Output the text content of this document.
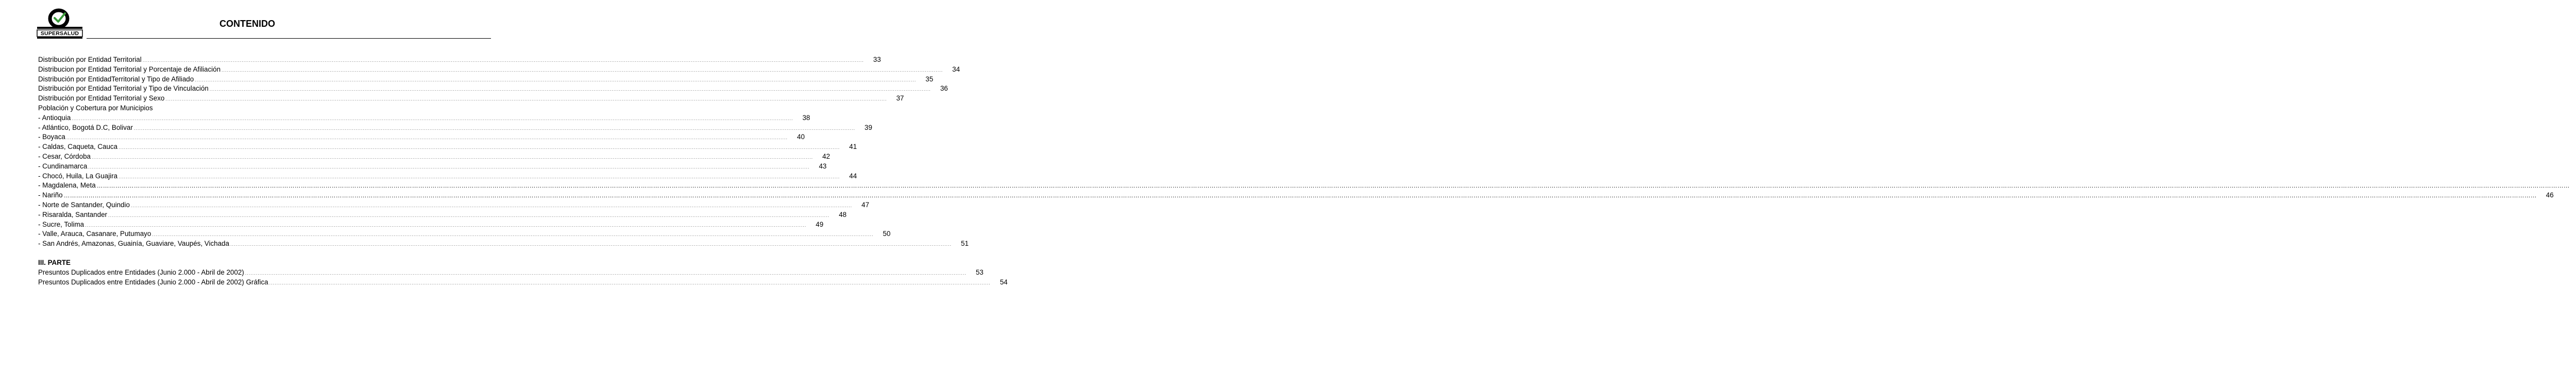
SUPERSALUD
CONTENIDO
Distribución por Entidad Territorial ................................................................................................................................................................................................................................................................................................................................................................................................................ 33
Distribucion por Entidad Territorial y Porcentaje de Afiliación ................................................................................................................................................................................................................................................................................................................................................................................................................ 34
Distribución por EntidadTerritorial y Tipo de Afiliado ................................................................................................................................................................................................................................................................................................................................................................................................................ 35
Distribución por Entidad Territorial y Tipo de Vinculación ................................................................................................................................................................................................................................................................................................................................................................................................................ 36
Distribución por Entidad Territorial y Sexo ................................................................................................................................................................................................................................................................................................................................................................................................................ 37
Población y Cobertura por Municipios
- Antioquia ................................................................................................................................................................................................................................................................................................................................................................................................................ 38
- Atlántico, Bogotá D.C, Bolivar ................................................................................................................................................................................................................................................................................................................................................................................................................ 39
- Boyaca ................................................................................................................................................................................................................................................................................................................................................................................................................ 40
- Caldas, Caqueta, Cauca ................................................................................................................................................................................................................................................................................................................................................................................................................ 41
- Cesar, Córdoba ................................................................................................................................................................................................................................................................................................................................................................................................................ 42
- Cundinamarca ................................................................................................................................................................................................................................................................................................................................................................................................................ 43
- Chocó, Huila, La Guajira ................................................................................................................................................................................................................................................................................................................................................................................................................ 44
- Magdalena, Meta …………………………………………………………………………………………………………………………………………………………………………………………………………………………………………………………………………………………………………………………………………………………………………………………………………………………………………………………………………………………………………………………………………………………………………………………………………………………………………………………………………………………………………………………………………………………………………………………………………………………………………………………………………………………………………………………………………………………………………………………………………………………………………………………………………………………………………
- Nariño ………………………………………………………………………………………………………………………………………………………………………………………………………………………………………………………………………………………………………………………………………………………………………………………………………………………………………………………………………………………………………………………………………………………………………………………………………………………………………………………………………………………………………………………………………………………………………………………………………………………………………………………………………………………………………………………………………………………………………………………………………………………………………………………………………………………………………… 46
- Norte de Santander, Quindio ................................................................................................................................................................................................................................................................................................................................................................................................................ 47
- Risaralda, Santander ................................................................................................................................................................................................................................................................................................................................................................................................................ 48
- Sucre, Tolima ................................................................................................................................................................................................................................................................................................................................................................................................................ 49
- Valle, Arauca, Casanare, Putumayo ................................................................................................................................................................................................................................................................................................................................................................................................................ 50
- San Andrés, Amazonas, Guainía, Guaviare, Vaupés, Vichada ................................................................................................................................................................................................................................................................................................................................................................................................................ 51
III. PARTE
Presuntos Duplicados entre Entidades (Junio 2.000 - Abril de 2002) ................................................................................................................................................................................................................................................................................................................................................................................................................ 53
Presuntos Duplicados entre Entidades (Junio 2.000 - Abril de 2002) Gráfica ................................................................................................................................................................................................................................................................................................................................................................................................................ 54
